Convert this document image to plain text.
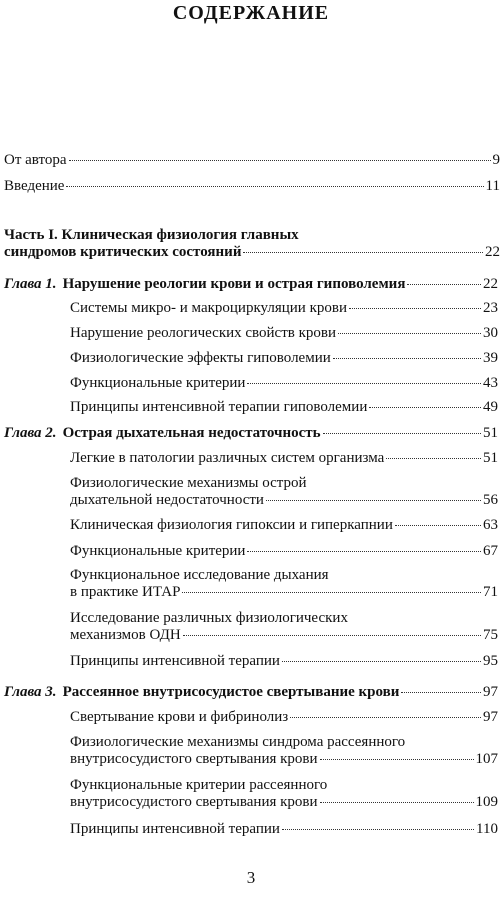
СОДЕРЖАНИЕ
От автора	9
Введение	11
Часть I. Клиническая физиология главных
синдромов критических состояний	22
Глава 1. Нарушение реологии крови и острая гиповолемия	22
Системы микро- и макроциркуляции крови	23
Нарушение реологических свойств крови	30
Физиологические эффекты гиповолемии	39
Функциональные критерии	43
Принципы интенсивной терапии гиповолемии	49
Глава 2. Острая дыхательная недостаточность	51
Легкие в патологии различных систем организма	51
Физиологические механизмы острой
дыхательной недостаточности	56
Клиническая физиология гипоксии и гиперкапнии	63
Функциональные критерии	67
Функциональное исследование дыхания
в практике ИТАР	71
Исследование различных физиологических
механизмов ОДН	75
Принципы интенсивной терапии	95
Глава 3. Рассеянное внутрисосудистое свертывание крови	97
Свертывание крови и фибринолиз	97
Физиологические механизмы синдрома рассеянного
внутрисосудистого свертывания крови	107
Функциональные критерии рассеянного
внутрисосудистого свертывания крови	109
Принципы интенсивной терапии	110
3
